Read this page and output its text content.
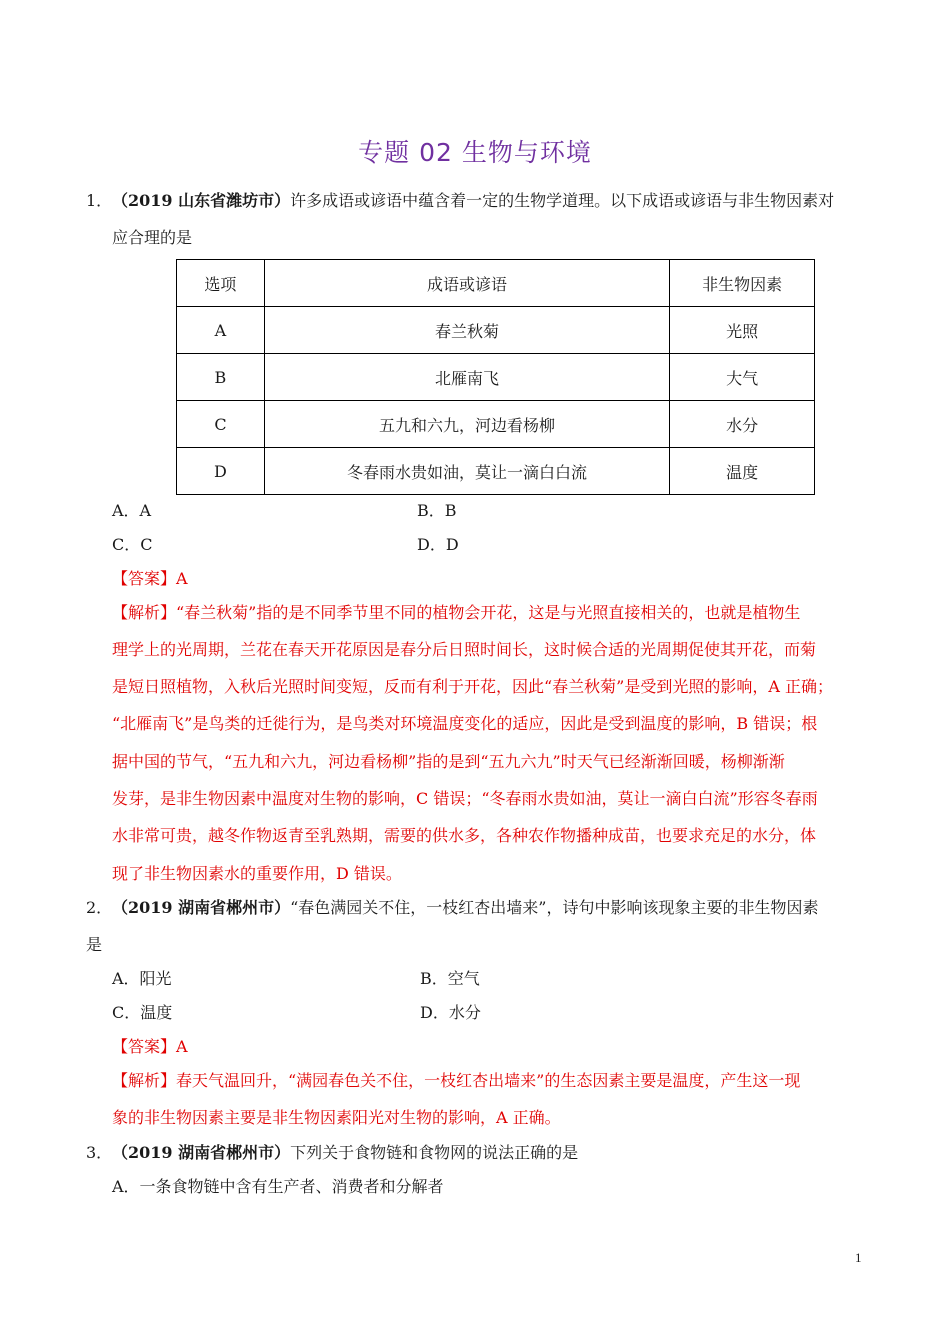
专题 02 生物与环境
1． （2019 山东省潍坊市）许多成语或谚语中蕴含着一定的生物学道理。以下成语或谚语与非生物因素对
应合理的是
选项	成语或谚语	非生物因素
A	春兰秋菊	光照
B	北雁南飞	大气
C	五九和六九，河边看杨柳	水分
D	冬春雨水贵如油，莫让一滴白白流	温度
A．A	B．B
C．C	D．D
【答案】A
【解析】“春兰秋菊”指的是不同季节里不同的植物会开花，这是与光照直接相关的，也就是植物生
理学上的光周期，兰花在春天开花原因是春分后日照时间长，这时候合适的光周期促使其开花，而菊
是短日照植物，入秋后光照时间变短，反而有利于开花，因此“春兰秋菊”是受到光照的影响，A 正确；
“北雁南飞”是鸟类的迁徙行为，是鸟类对环境温度变化的适应，因此是受到温度的影响，B 错误；根
据中国的节气，“五九和六九，河边看杨柳”指的是到“五九六九”时天气已经渐渐回暖，杨柳渐渐
发芽，是非生物因素中温度对生物的影响，C 错误；“冬春雨水贵如油，莫让一滴白白流”形容冬春雨
水非常可贵，越冬作物返青至乳熟期，需要的供水多，各种农作物播种成苗，也要求充足的水分，体
现了非生物因素水的重要作用，D 错误。
2． （2019 湖南省郴州市）“春色满园关不住，一枝红杏出墙来”，诗句中影响该现象主要的非生物因素
是
A．阳光	B．空气
C．温度	D．水分
【答案】A
【解析】春天气温回升，“满园春色关不住，一枝红杏出墙来”的生态因素主要是温度，产生这一现
象的非生物因素主要是非生物因素阳光对生物的影响，A 正确。
3． （2019 湖南省郴州市）下列关于食物链和食物网的说法正确的是
A．一条食物链中含有生产者、消费者和分解者
1
